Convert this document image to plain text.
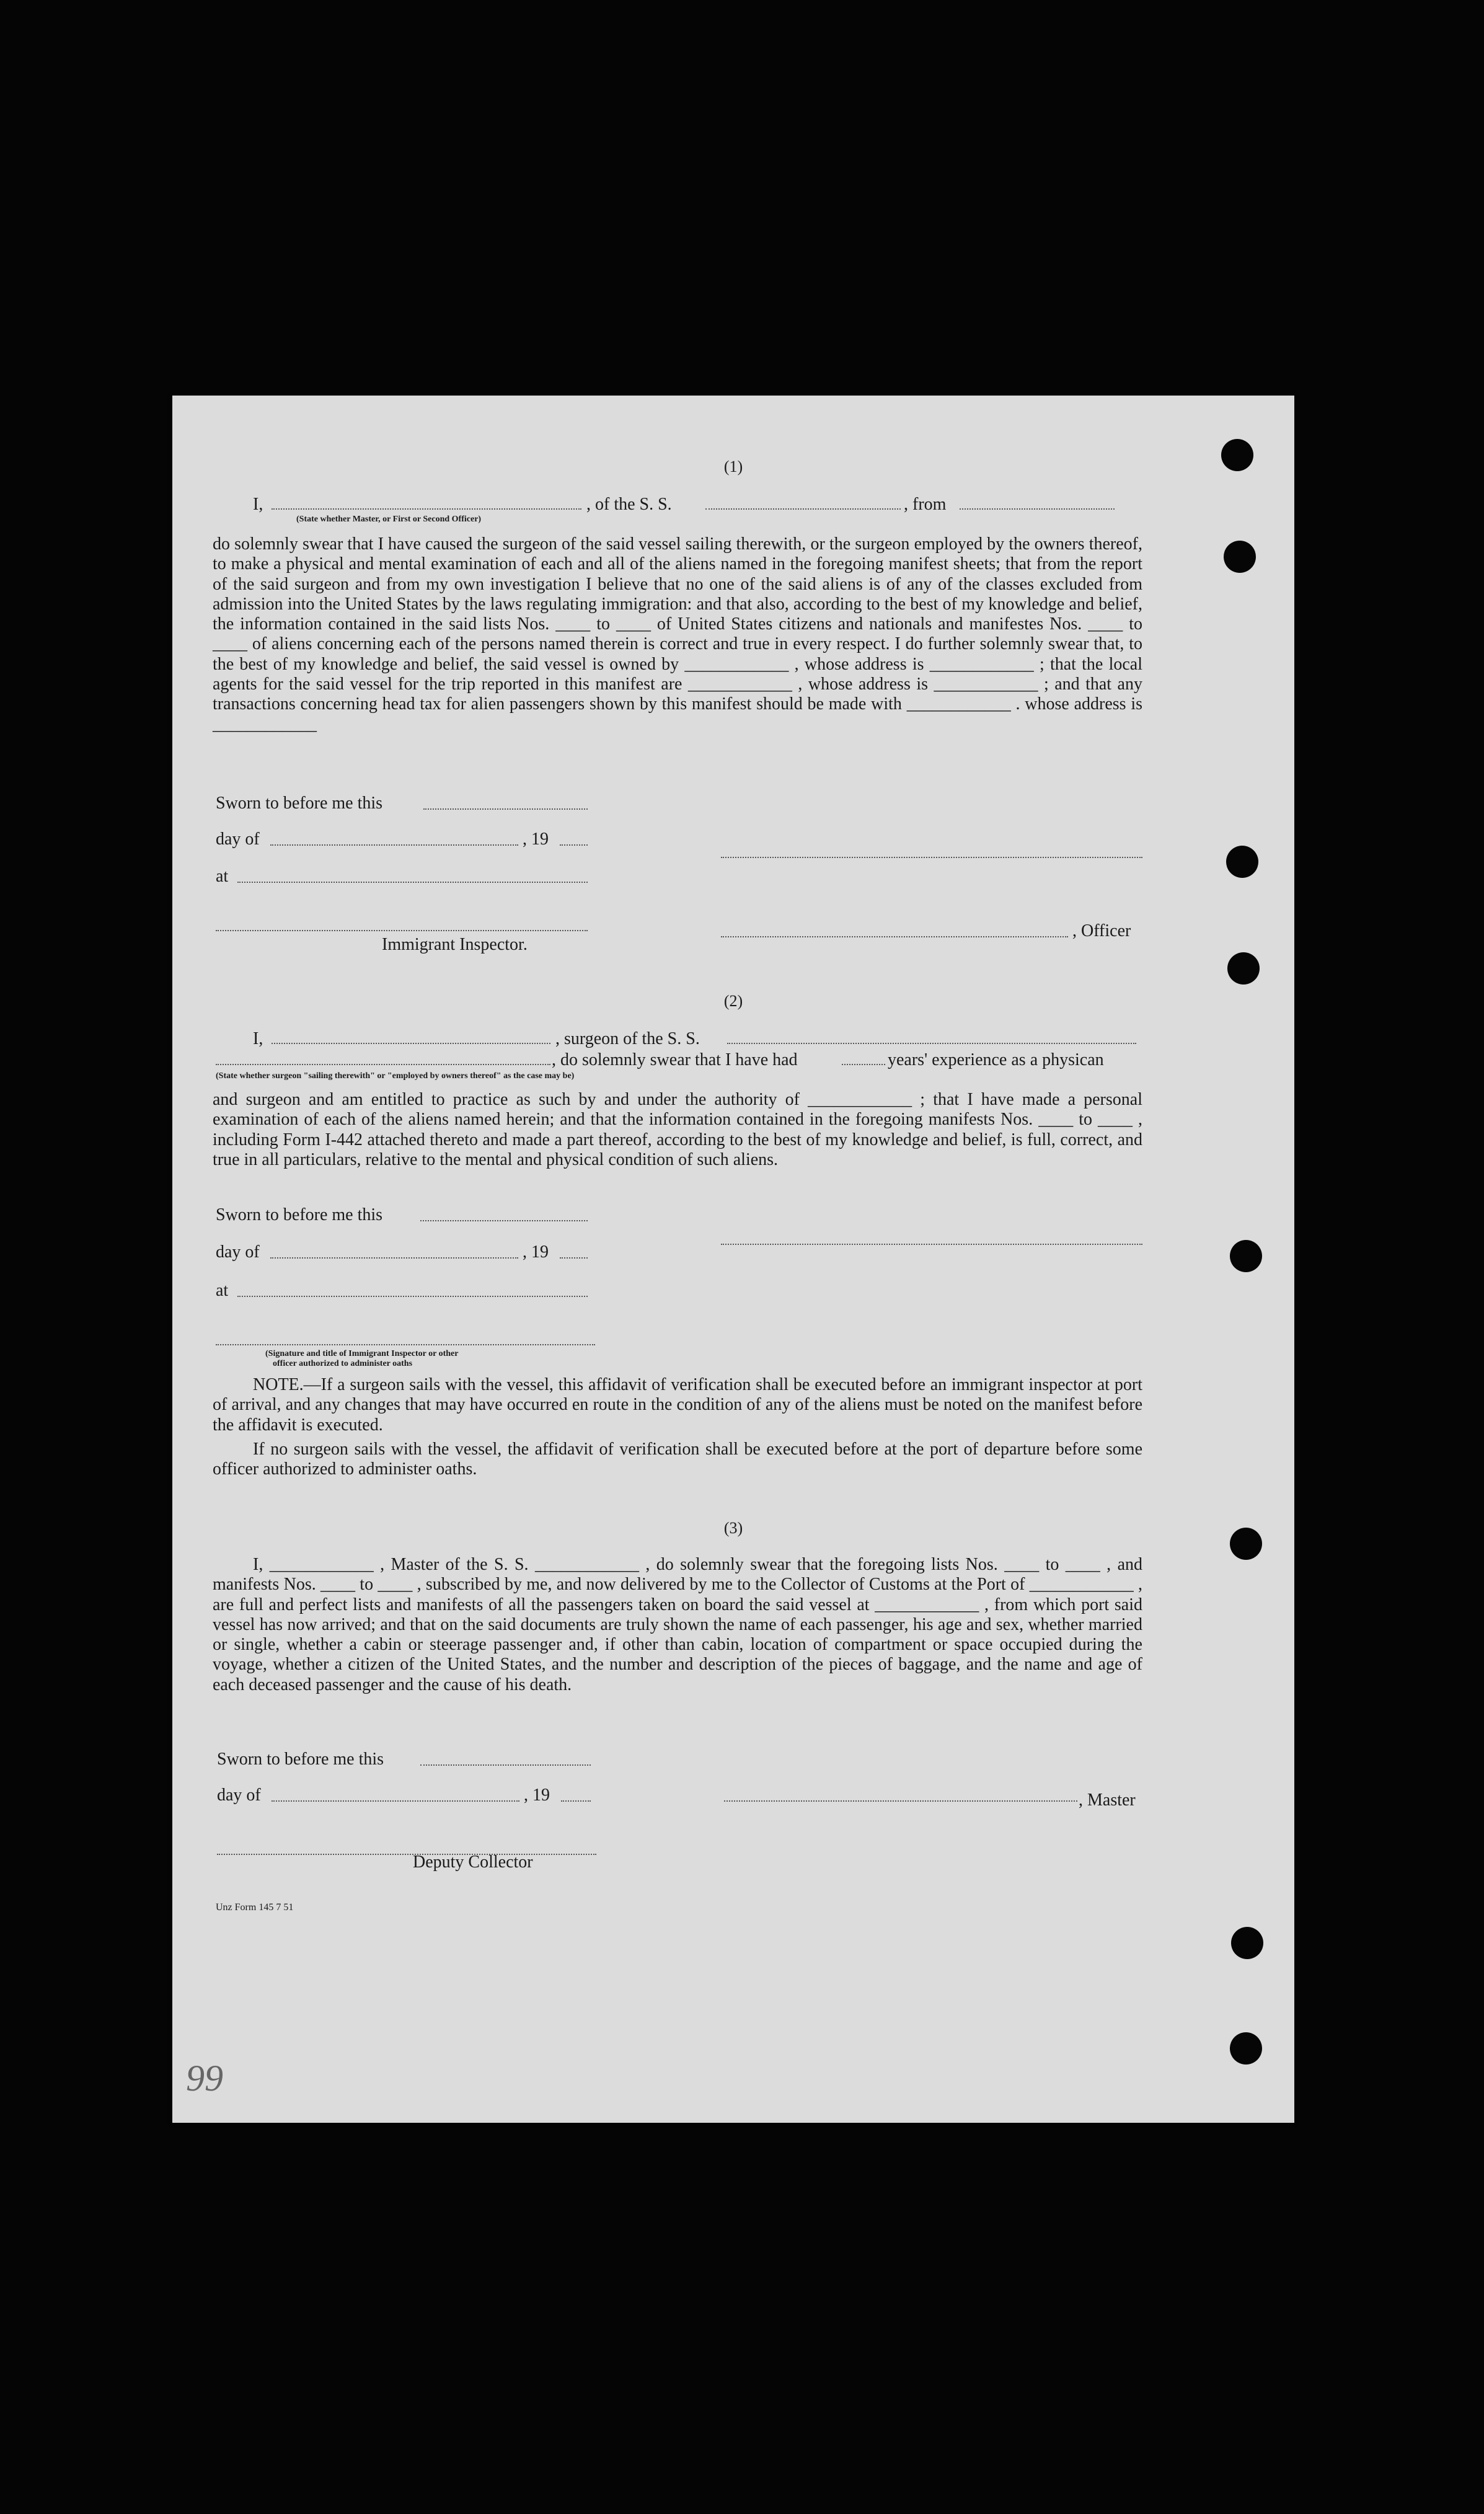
(1)
I,	, of the S. S.	, from
(State whether Master, or First or Second Officer)
do solemnly swear that I have caused the surgeon of the said vessel sailing therewith, or the surgeon employed by the owners thereof, to make a physical and mental examination of each and all of the aliens named in the foregoing manifest sheets; that from the report of the said surgeon and from my own investigation I believe that no one of the said aliens is of any of the classes excluded from admission into the United States by the laws regulating immigration: and that also, according to the best of my knowledge and belief, the information contained in the said lists Nos. ____ to ____ of United States citizens and nationals and manifestes Nos. ____ to ____ of aliens concerning each of the persons named therein is correct and true in every respect. I do further solemnly swear that, to the best of my knowledge and belief, the said vessel is owned by ____________ , whose address is ____________ ; that the local agents for the said vessel for the trip reported in this manifest are ____________ , whose address is ____________ ; and that any transactions concerning head tax for alien passengers shown by this manifest should be made with ____________ . whose address is ____________
Sworn to before me this
day of	, 19
at
, Officer
Immigrant Inspector.
(2)
I,	, surgeon of the S. S.
, do solemnly swear that I have had	years' experience as a physican
(State whether surgeon "sailing therewith" or "employed by owners thereof" as the case may be)
and surgeon and am entitled to practice as such by and under the authority of ____________ ; that I have made a personal examination of each of the aliens named herein; and that the information contained in the foregoing manifests Nos. ____ to ____ , including Form I-442 attached thereto and made a part thereof, according to the best of my knowledge and belief, is full, correct, and true in all particulars, relative to the mental and physical condition of such aliens.
Sworn to before me this
day of	, 19
at
(Signature and title of Immigrant Inspector or other
officer authorized to administer oaths
NOTE.—If a surgeon sails with the vessel, this affidavit of verification shall be executed before an immigrant inspector at port of arrival, and any changes that may have occurred en route in the condition of any of the aliens must be noted on the manifest before the affidavit is executed.
If no surgeon sails with the vessel, the affidavit of verification shall be executed before at the port of departure before some officer authorized to administer oaths.
(3)
I, ____________ , Master of the S. S. ____________ , do solemnly swear that the foregoing lists Nos. ____ to ____ , and manifests Nos. ____ to ____ , subscribed by me, and now delivered by me to the Collector of Customs at the Port of ____________ , are full and perfect lists and manifests of all the passengers taken on board the said vessel at ____________ , from which port said vessel has now arrived; and that on the said documents are truly shown the name of each passenger, his age and sex, whether married or single, whether a cabin or steerage passenger and, if other than cabin, location of compartment or space occupied during the voyage, whether a citizen of the United States, and the number and description of the pieces of baggage, and the name and age of each deceased passenger and the cause of his death.
Sworn to before me this
day of	, 19	, Master
Deputy Collector
Unz Form 145 7 51
99
